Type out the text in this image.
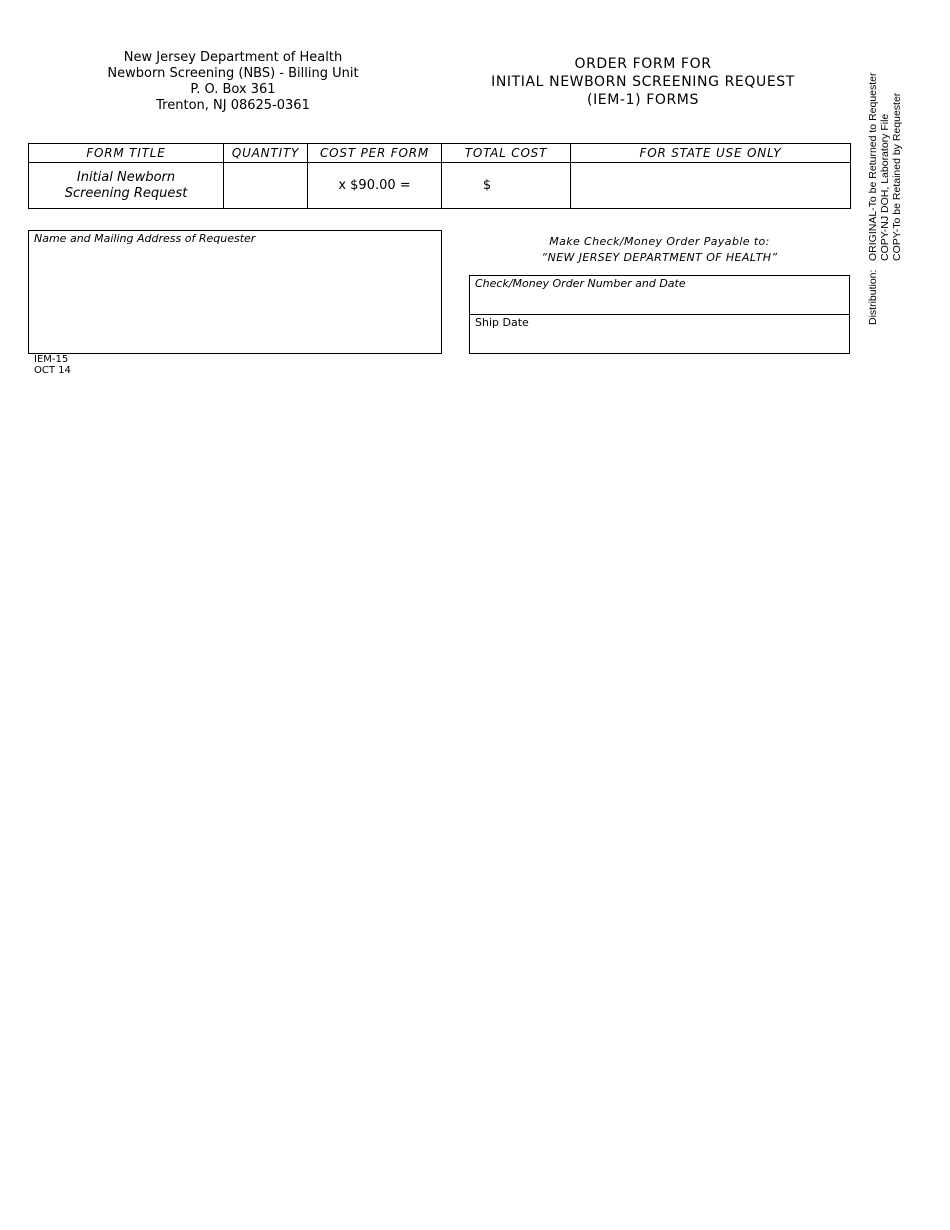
New Jersey Department of Health
Newborn Screening (NBS) - Billing Unit
P. O. Box 361
Trenton, NJ 08625-0361
ORDER FORM FOR
INITIAL NEWBORN SCREENING REQUEST
(IEM-1) FORMS
FORM TITLE	QUANTITY	COST PER FORM	TOTAL COST	FOR STATE USE ONLY

Initial Newborn
Screening Request		x $90.00 =	$	
Name and Mailing Address of Requester	Make Check/Money Order Payable to:
“NEW JERSEY DEPARTMENT OF HEALTH”
Check/Money Order Number and Date
Ship Date
IEM-15
OCT 14
Distribution:
ORIGINAL-To be Returned to Requester COPY-NJ DOH, Laboratory File COPY-To be Retained by Requester
